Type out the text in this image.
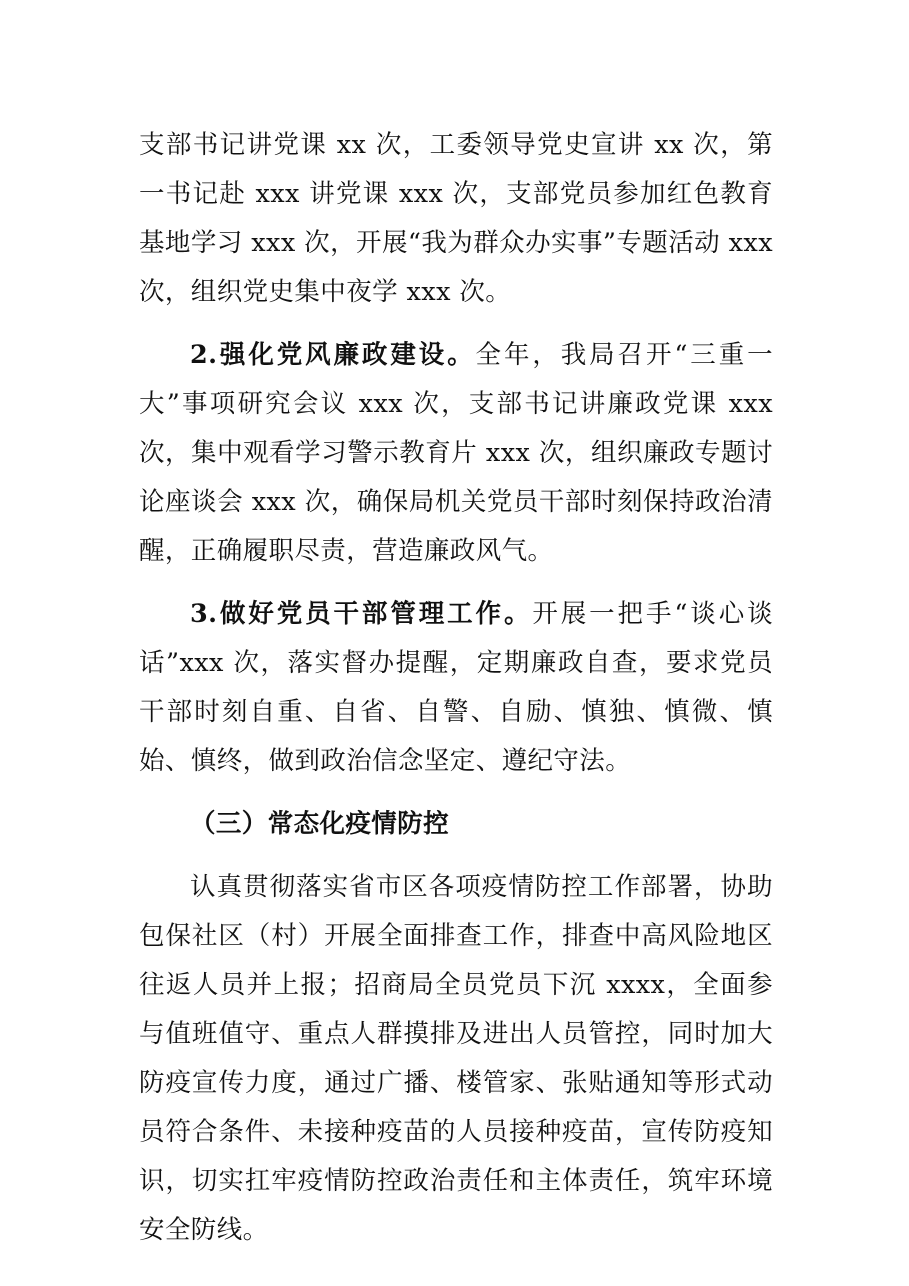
支部书记讲党课 xx 次，工委领导党史宣讲 xx 次，第一书记赴 xxx 讲党课 xxx 次，支部党员参加红色教育基地学习 xxx 次，开展“我为群众办实事”专题活动 xxx 次，组织党史集中夜学 xxx 次。

2.强化党风廉政建设。全年，我局召开“三重一大”事项研究会议 xxx 次，支部书记讲廉政党课 xxx 次，集中观看学习警示教育片 xxx 次，组织廉政专题讨论座谈会 xxx 次，确保局机关党员干部时刻保持政治清醒，正确履职尽责，营造廉政风气。

3.做好党员干部管理工作。开展一把手“谈心谈话”xxx 次，落实督办提醒，定期廉政自查，要求党员干部时刻自重、自省、自警、自励、慎独、慎微、慎始、慎终，做到政治信念坚定、遵纪守法。

（三）常态化疫情防控

认真贯彻落实省市区各项疫情防控工作部署，协助包保社区（村）开展全面排查工作，排查中高风险地区往返人员并上报；招商局全员党员下沉 xxxx，全面参与值班值守、重点人群摸排及进出人员管控，同时加大防疫宣传力度，通过广播、楼管家、张贴通知等形式动员符合条件、未接种疫苗的人员接种疫苗，宣传防疫知识，切实扛牢疫情防控政治责任和主体责任，筑牢环境安全防线。
